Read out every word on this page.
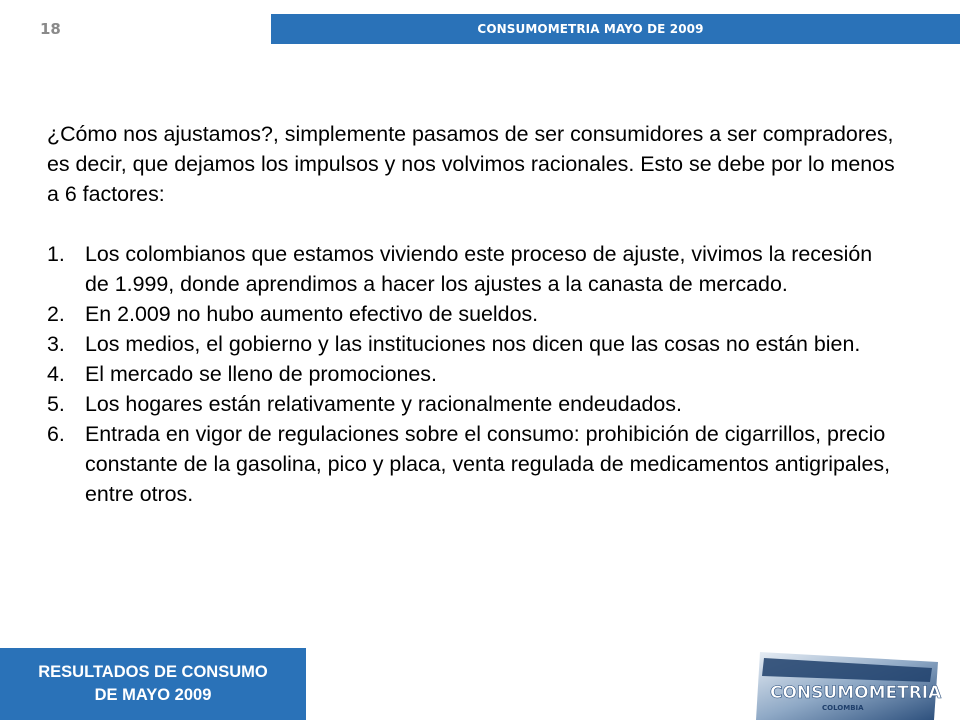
18	CONSUMOMETRIA MAYO DE 2009

¿Cómo nos ajustamos?, simplemente pasamos de ser consumidores a ser compradores, es decir, que dejamos los impulsos y nos volvimos racionales. Esto se debe por lo menos a 6 factores:

1. Los colombianos que estamos viviendo este proceso de ajuste, vivimos la recesión de 1.999, donde aprendimos a hacer los ajustes a la canasta de mercado.
2. En 2.009 no hubo aumento efectivo de sueldos.
3. Los medios, el gobierno y las instituciones nos dicen que las cosas no están bien.
4. El mercado se lleno de promociones.
5. Los hogares están relativamente y racionalmente endeudados.
6. Entrada en vigor de regulaciones sobre el consumo: prohibición de cigarrillos, precio constante de la gasolina, pico y placa, venta regulada de medicamentos antigripales, entre otros.
RESULTADOS DE CONSUMO
DE MAYO 2009	CONSUMOMETRIA
COLOMBIA
